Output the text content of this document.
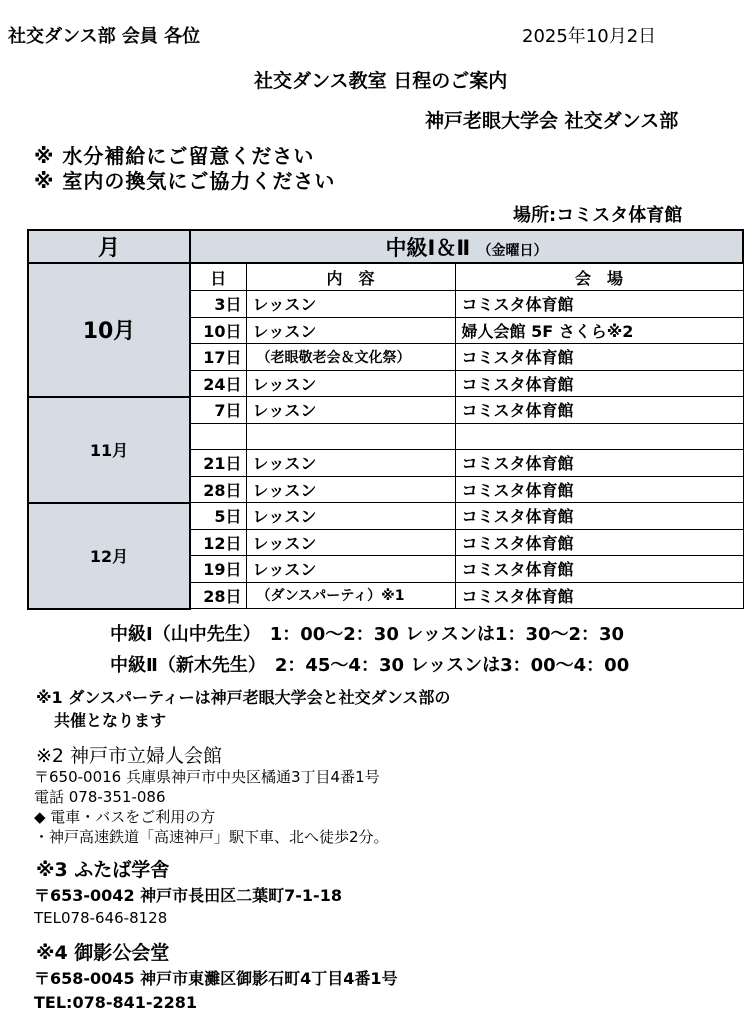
社交ダンス部 会員 各位	2025年10月2日
社交ダンス教室 日程のご案内
神戸老眼大学会 社交ダンス部
※ 水分補給にご留意ください
※ 室内の換気にご協力ください
場所:コミスタ体育館
月	中級Ⅰ＆Ⅱ （金曜日）		
10月	日	内　容	会　場
	3日	レッスン	コミスタ体育館
	10日	レッスン	婦人会館 5F さくら※2
	17日	（老眼敬老会＆文化祭）	コミスタ体育館
	24日	レッスン	コミスタ体育館
11月	7日	レッスン	コミスタ体育館

	21日	レッスン	コミスタ体育館
	28日	レッスン	コミスタ体育館
12月	5日	レッスン	コミスタ体育館
	12日	レッスン	コミスタ体育館
	19日	レッスン	コミスタ体育館
	28日	（ダンスパーティ）※1	コミスタ体育館
中級Ⅰ（山中先生）　1：00〜2：30 レッスンは1：30〜2：30
中級Ⅱ（新木先生）　2：45〜4：30 レッスンは3：00〜4：00
※1 ダンスパーティーは神戸老眼大学会と社交ダンス部の
共催となります
※2 神戸市立婦人会館
〒650-0016 兵庫県神戸市中央区橘通3丁目4番1号
電話 078-351-086
◆ 電車・バスをご利用の方
・神戸高速鉄道「高速神戸」駅下車、北へ徒歩2分。
※3 ふたば学舎
〒653-0042 神戸市長田区二葉町7-1-18
TEL078-646-8128
※4 御影公会堂
〒658-0045 神戸市東灘区御影石町4丁目4番1号
TEL:078-841-2281
